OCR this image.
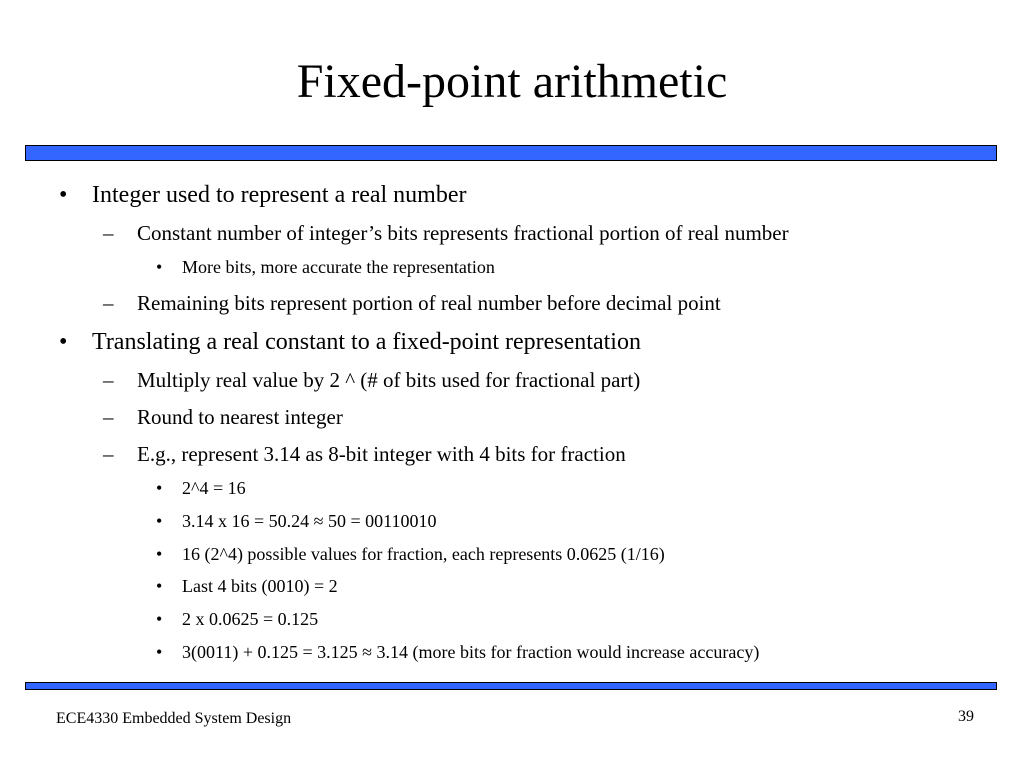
Fixed-point arithmetic
• Integer used to represent a real number
– Constant number of integer’s bits represents fractional portion of real number
• More bits, more accurate the representation
– Remaining bits represent portion of real number before decimal point
• Translating a real constant to a fixed-point representation
– Multiply real value by 2 ^ (# of bits used for fractional part)
– Round to nearest integer
– E.g., represent 3.14 as 8-bit integer with 4 bits for fraction
• 2^4 = 16
• 3.14 x 16 = 50.24 ≈ 50 = 00110010
• 16 (2^4) possible values for fraction, each represents 0.0625 (1/16)
• Last 4 bits (0010) = 2
• 2 x 0.0625 = 0.125
• 3(0011) + 0.125 = 3.125 ≈ 3.14 (more bits for fraction would increase accuracy)
ECE4330 Embedded System Design	39
